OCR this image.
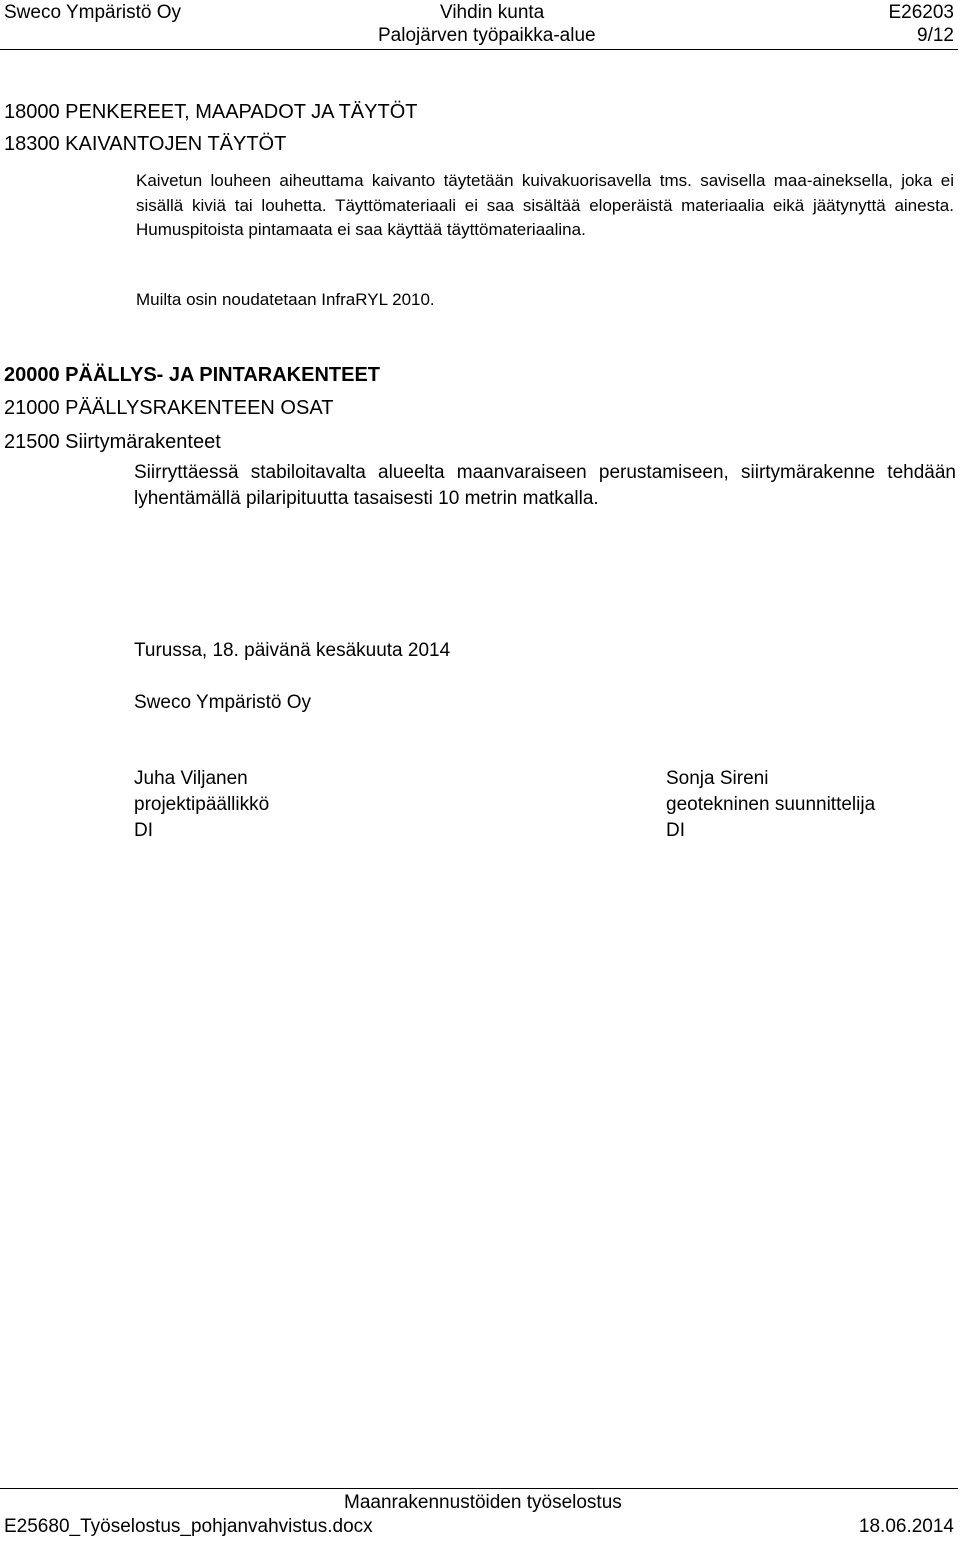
Sweco Ympäristö Oy	Vihdin kunta	E26203
Palojärven työpaikka-alue	9/12
18000 PENKEREET, MAAPADOT JA TÄYTÖT
18300 KAIVANTOJEN TÄYTÖT
Kaivetun louheen aiheuttama kaivanto täytetään kuivakuorisavella tms. savisella maa-aineksella, joka ei sisällä kiviä tai louhetta. Täyttömateriaali ei saa sisältää eloperäistä materiaalia eikä jäätynyttä ainesta. Humuspitoista pintamaata ei saa käyttää täyttömateriaalina.
Muilta osin noudatetaan InfraRYL 2010.
20000 PÄÄLLYS- JA PINTARAKENTEET
21000 PÄÄLLYSRAKENTEEN OSAT
21500 Siirtymärakenteet
Siirryttäessä stabiloitavalta alueelta maanvaraiseen perustamiseen, siirtymärakenne tehdään lyhentämällä pilaripituutta tasaisesti 10 metrin matkalla.
Turussa, 18. päivänä kesäkuuta 2014
Sweco Ympäristö Oy
Juha Viljanen
projektipäällikkö
DI
Sonja Sireni
geotekninen suunnittelija
DI
Maanrakennustöiden työselostus
E25680_Työselostus_pohjanvahvistus.docx	18.06.2014
